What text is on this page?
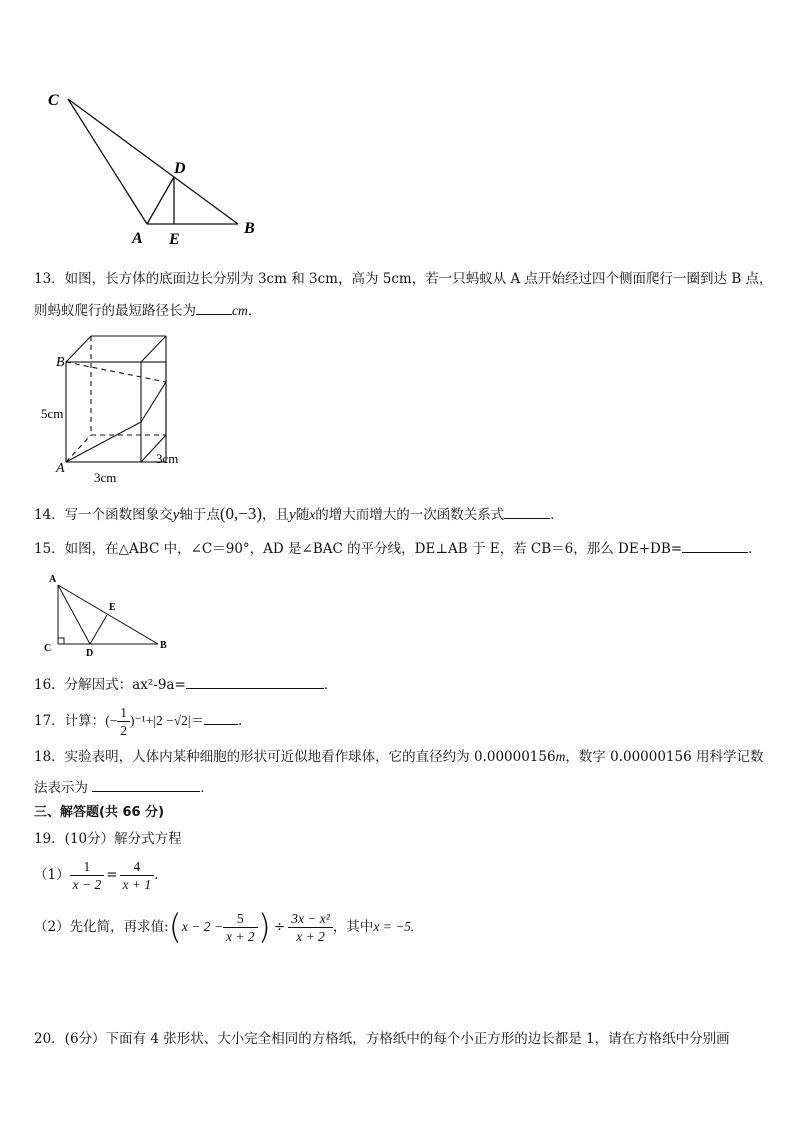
C
D
A E
B
13．如图，长方体的底面边长分别为 3cm 和 3cm，高为 5cm，若一只蚂蚁从 A 点开始经过四个侧面爬行一圈到达 B 点，
则蚂蚁爬行的最短路径长为	cm．
B
A
5cm
3cm
3cm
14．写一个函数图象交y轴于点(0,−3)，且y随x的增大而增大的一次函数关系式	．
15．如图，在△ABC 中，∠C＝90°，AD 是∠BAC 的平分线，DE⊥AB 于 E，若 CB＝6，那么 DE+DB=	．
A
E
C	D
B
16．分解因式：ax²-9a=	．
17．计算：(− $\frac{1}{2} )^{-1}+|2 -√2|=$	．
18．实验表明，人体内某种细胞的形状可近似地看作球体，它的直径约为 0.00000156m，数字 0.00000156 用科学记数
法表示为	．
三、解答题(共 66 分)
19．(10分）解分式方程
$(1) \frac{1}{x - 2} = \frac{4}{x + 1}$ .
（2）先化简，再求值:(x − $2 - \frac{5}{x + 2}$ ) ÷ $\frac{\text{3x − x²}}{x + 2}$ ，其中x = −5.
20．(6分）下面有 4 张形状、大小完全相同的方格纸，方格纸中的每个小正方形的边长都是 1，请在方格纸中分别画
